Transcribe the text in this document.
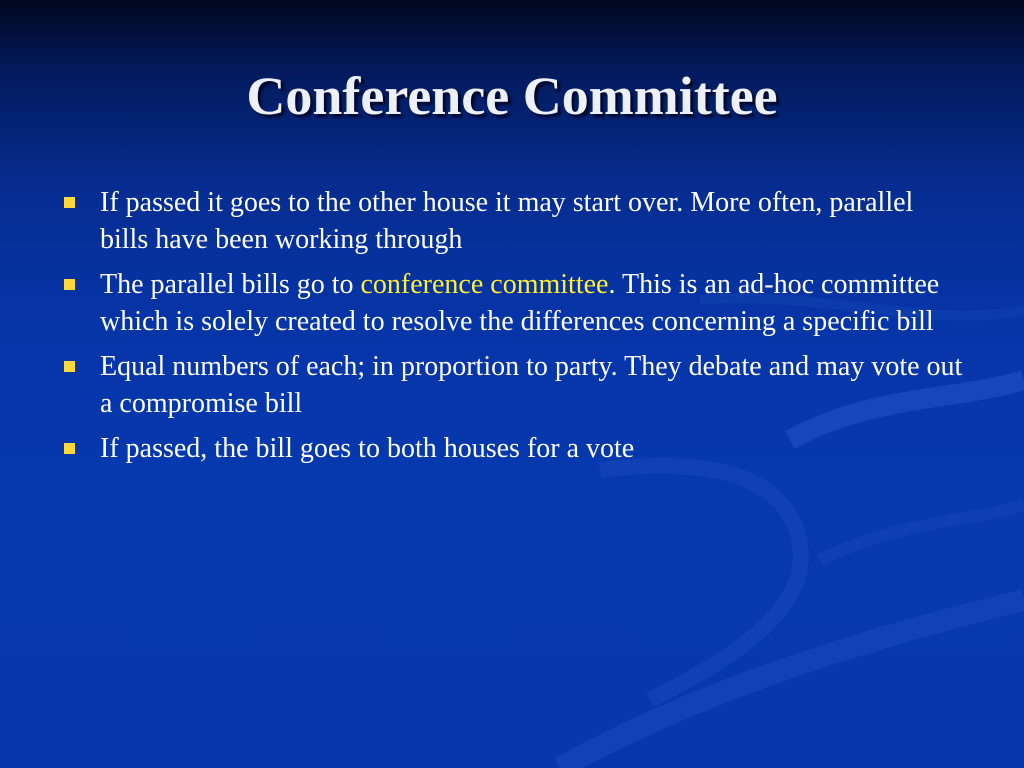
Conference Committee
If passed it goes to the other house it may start over. More often, parallel bills have been working through
The parallel bills go to conference committee. This is an ad-hoc committee which is solely created to resolve the differences concerning a specific bill
Equal numbers of each; in proportion to party. They debate and may vote out a compromise bill
If passed, the bill goes to both houses for a vote
